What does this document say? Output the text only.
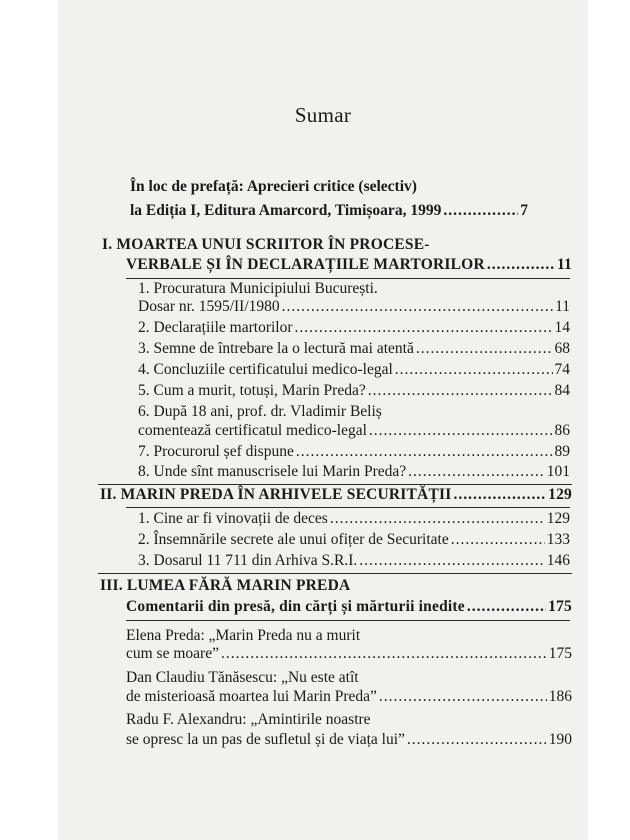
Sumar
În loc de prefață: Aprecieri critice (selectiv)
la Ediția I, Editura Amarcord, Timișoara, 1999 .....	7
I. MOARTEA UNUI SCRIITOR ÎN PROCESE-
VERBALE ȘI ÎN DECLARAȚIILE MARTORILOR .....	11
1. Procuratura Municipiului București.
Dosar nr. 1595/II/1980 .....	11
2. Declarațiile martorilor .....	14
3. Semne de întrebare la o lectură mai atentă .....	68
4. Concluziile certificatului medico-legal .....	74
5. Cum a murit, totuși, Marin Preda? .....	84
6. După 18 ani, prof. dr. Vladimir Beliș
comentează certificatul medico-legal .....	86
7. Procurorul șef dispune .....	89
8. Unde sînt manuscrisele lui Marin Preda? .....	101
II. MARIN PREDA ÎN ARHIVELE SECURITĂȚII .....	129
1. Cine ar fi vinovații de deces .....	129
2. Însemnările secrete ale unui ofițer de Securitate .....	133
3. Dosarul 11 711 din Arhiva S.R.I. .....	146
III. LUMEA FĂRĂ MARIN PREDA
Comentarii din presă, din cărți și mărturii inedite .....	175
Elena Preda: „Marin Preda nu a murit
cum se moare” .....	175
Dan Claudiu Tănăsescu: „Nu este atît
de misterioasă moartea lui Marin Preda” .....	186
Radu F. Alexandru: „Amintirile noastre
se opresc la un pas de sufletul și de viața lui” .....	190
